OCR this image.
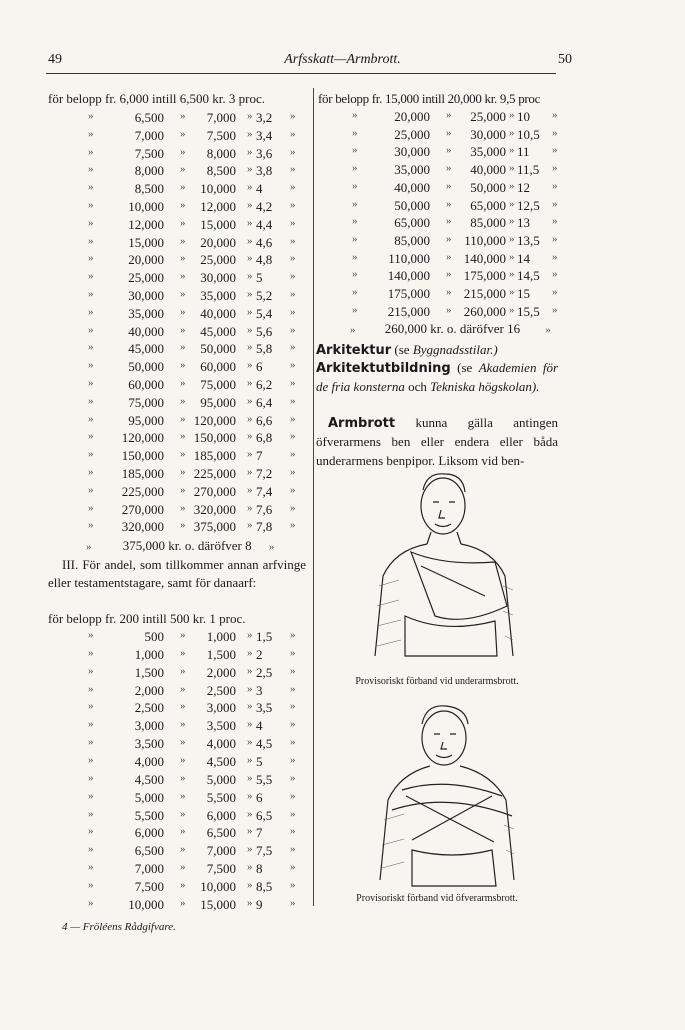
49	Arfsskatt—Armbrott.	50
för belopp fr. 6,000 intill 6,500 kr. 3 proc.
»	6,500 »	7,000 » 3,2	»
»	7,000 »	7,500 » 3,4	»
»	7,500 »	8,000 » 3,6	»
»	8,000 »	8,500 » 3,8	»
»	8,500 »	10,000 » 4	»
»	10,000 »	12,000 » 4,2	»
»	12,000 »	15,000 » 4,4	»
»	15,000 »	20,000 » 4,6	»
»	20,000 »	25,000 » 4,8	»
»	25,000 »	30,000 » 5	»
»	30,000 »	35,000 » 5,2	»
»	35,000 »	40,000 » 5,4	»
»	40,000 »	45,000 » 5,6	»
»	45,000 »	50,000 » 5,8	»
»	50,000 »	60,000 » 6	»
»	60,000 »	75,000 » 6,2	»
»	75,000 »	95,000 » 6,4	»
»	95,000 » 120,000 » 6,6	»
»	120,000 » 150,000 » 6,8	»
»	150,000 » 185,000 » 7	»
»	185,000 » 225,000 » 7,2	»
»	225,000 » 270,000 » 7,4	»
»	270,000 » 320,000 » 7,6	»
»	320,000 » 375,000 » 7,8	»
» 375,000 kr. o. däröfver 8 »
III. För andel, som tillkommer annan arfvinge eller testamentstagare, samt för danaarf:
för belopp fr. 200 intill 500 kr. 1 proc.
»	500 »	1,000 » 1,5	»
»	1,000 »	1,500 » 2	»
»	1,500 »	2,000 » 2,5	»
»	2,000 »	2,500 » 3	»
»	2,500 »	3,000 » 3,5	»
»	3,000 »	3,500 » 4	»
»	3,500 »	4,000 » 4,5	»
»	4,000 »	4,500 » 5	»
»	4,500 »	5,000 » 5,5	»
»	5,000 »	5,500 » 6	»
»	5,500 »	6,000 » 6,5	»
»	6,000 »	6,500 » 7	»
»	6,500 »	7,000 » 7,5	»
»	7,000 »	7,500 » 8	»
»	7,500 »	10,000 » 8,5	»
»	10,000 »	15,000 » 9	»
4 — Fröléens Rådgifvare.
för belopp fr. 15,000 intill 20,000 kr. 9,5 proc
»	20,000 »	25,000 » 10	»
»	25,000 »	30,000 » 10,5	»
»	30,000 »	35,000 » 11	»
»	35,000 »	40,000 » 11,5	»
»	40,000 »	50,000 » 12	»
»	50,000 »	65,000 » 12,5	»
»	65,000 »	85,000 » 13	»
»	85,000 » 110,000 » 13,5	»
»	110,000 » 140,000 » 14	»
»	140,000 » 175,000 » 14,5	»
»	175,000 » 215,000 » 15	»
»	215,000 » 260,000 » 15,5	»
» 260,000 kr. o. däröfver 16 »
Arkitektur (se Byggnadsstilar.)
Arkitektutbildning (se Akademien för de fria konsterna och Tekniska högskolan).
Armbrott kunna gälla antingen öfverarmens ben eller endera eller båda underarmens benpipor. Liksom vid ben-
Provisoriskt förband vid underarmsbrott.
Provisoriskt förband vid öfverarmsbrott.
